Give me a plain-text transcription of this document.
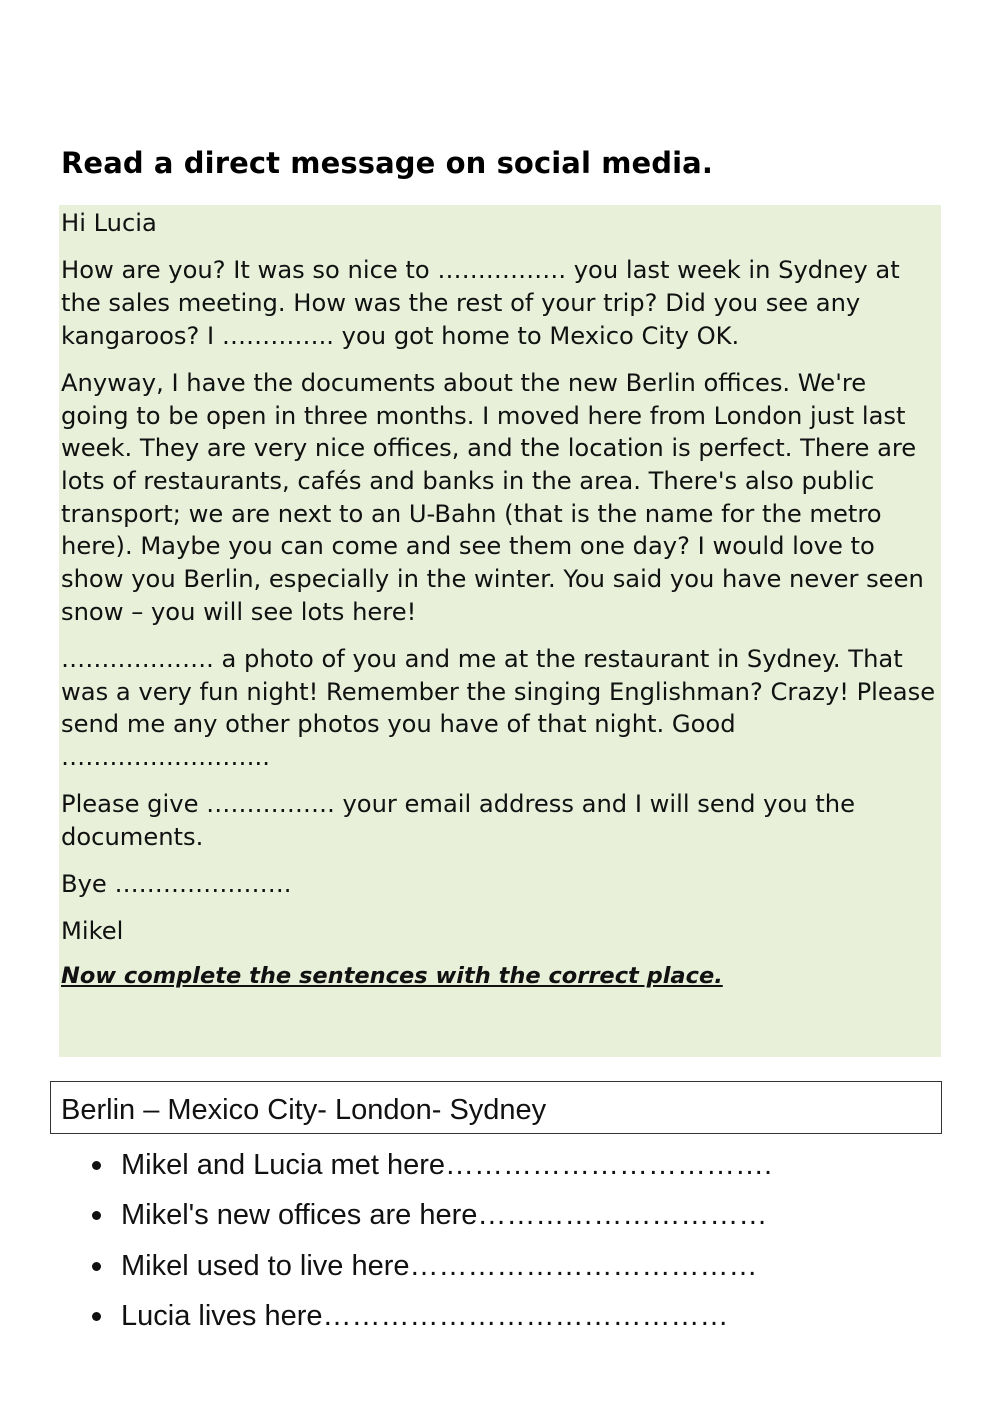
Read a direct message on social media.

Hi Lucia

How are you? It was so nice to ……………. you last week in Sydney at the sales meeting. How was the rest of your trip? Did you see any kangaroos? I ………….. you got home to Mexico City OK.

Anyway, I have the documents about the new Berlin offices. We're going to be open in three months. I moved here from London just last week. They are very nice offices, and the location is perfect. There are lots of restaurants, cafés and banks in the area. There's also public transport; we are next to an U-Bahn (that is the name for the metro here). Maybe you can come and see them one day? I would love to show you Berlin, especially in the winter. You said you have never seen snow – you will see lots here!

………………. a photo of you and me at the restaurant in Sydney. That was a very fun night! Remember the singing Englishman? Crazy! Please send me any other photos you have of that night. Good ……………………..

Please give ……………. your email address and I will send you the documents.

Bye ………………….

Mikel

Now complete the sentences with the correct place.

Berlin – Mexico City- London- Sydney
Mikel and Lucia met here…………………………….
Mikel's new offices are here…………………………
Mikel used to live here………………………………
Lucia lives here……………………………………
